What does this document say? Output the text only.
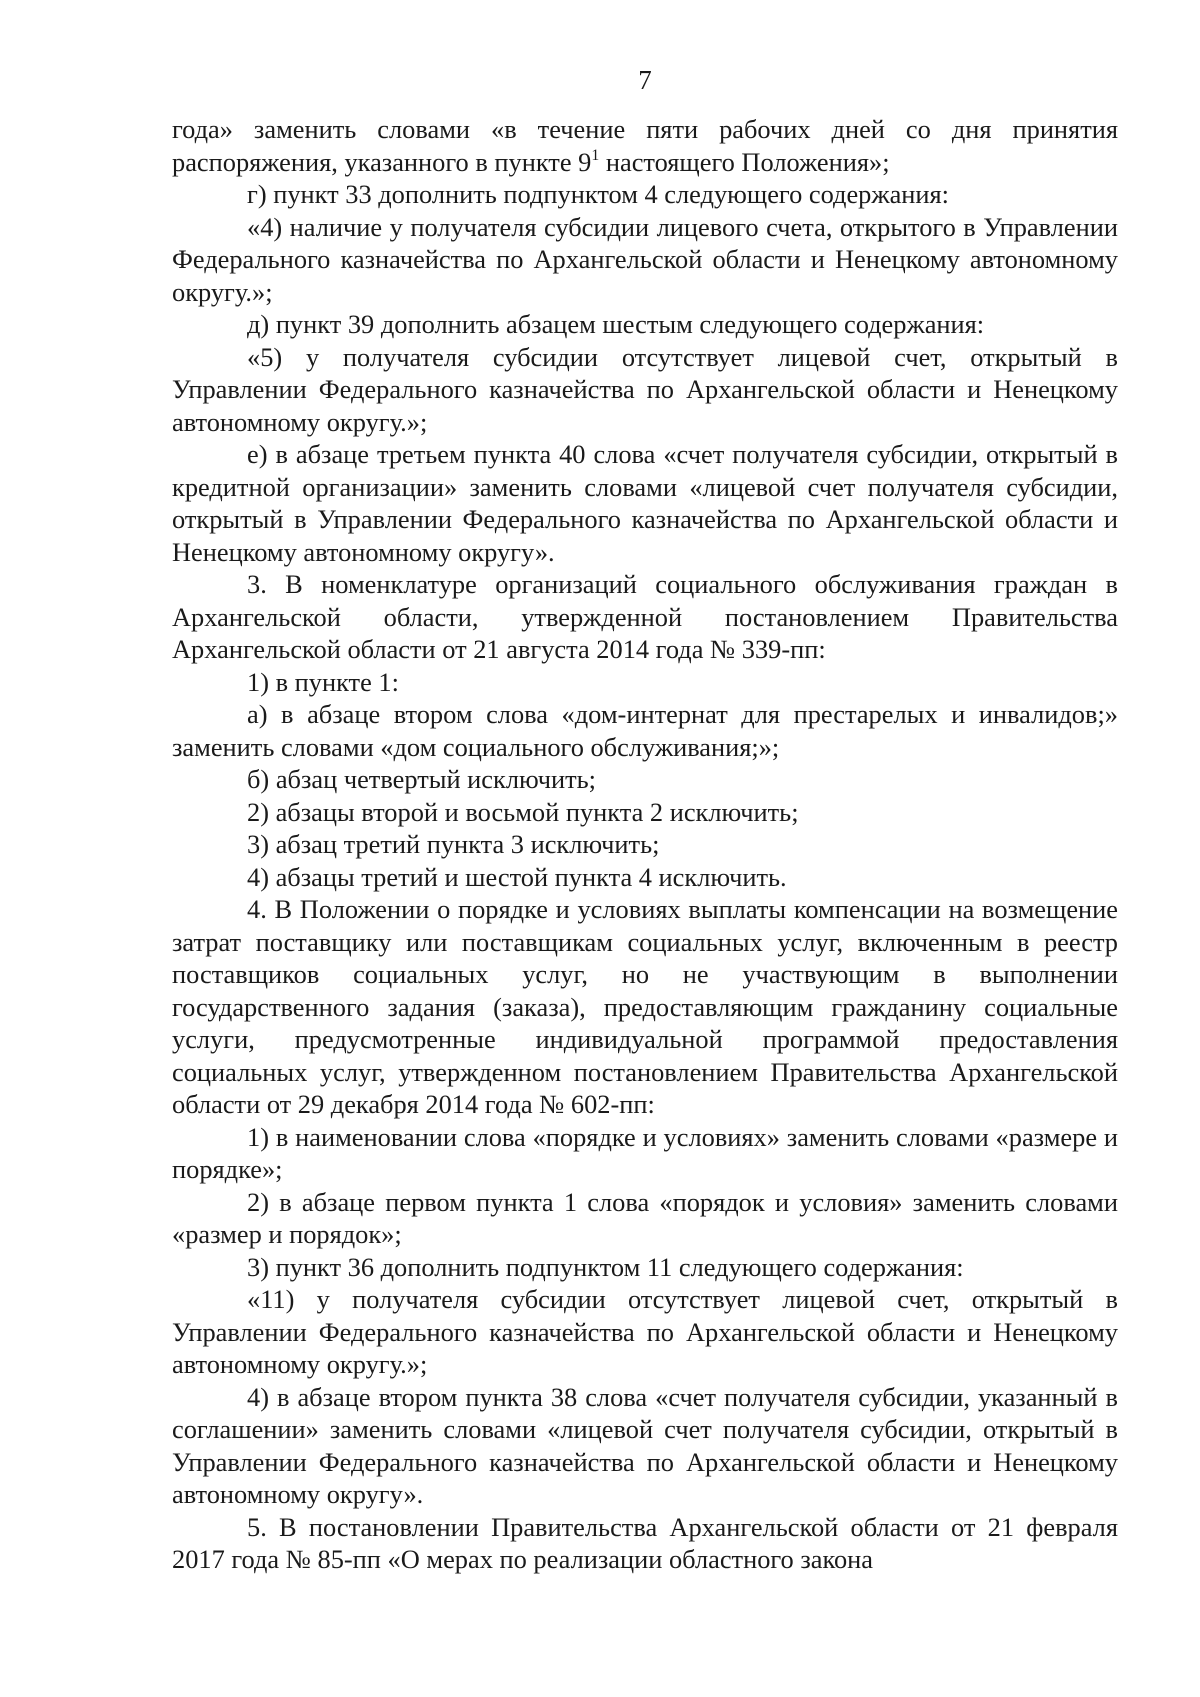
7

года» заменить словами «в течение пяти рабочих дней со дня принятия распоряжения, указанного в пункте $9^1$ настоящего Положения»;

г) пункт 33 дополнить подпунктом 4 следующего содержания:

«4) наличие у получателя субсидии лицевого счета, открытого в Управлении Федерального казначейства по Архангельской области и Ненецкому автономному округу.»;

д) пункт 39 дополнить абзацем шестым следующего содержания:

«5) у получателя субсидии отсутствует лицевой счет, открытый в Управлении Федерального казначейства по Архангельской области и Ненецкому автономному округу.»;

е) в абзаце третьем пункта 40 слова «счет получателя субсидии, открытый в кредитной организации» заменить словами «лицевой счет получателя субсидии, открытый в Управлении Федерального казначейства по Архангельской области и Ненецкому автономному округу».

3. В номенклатуре организаций социального обслуживания граждан в Архангельской области, утвержденной постановлением Правительства Архангельской области от 21 августа 2014 года № 339-пп:

1) в пункте 1:

а) в абзаце втором слова «дом-интернат для престарелых и инвалидов;» заменить словами «дом социального обслуживания;»;

б) абзац четвертый исключить;

2) абзацы второй и восьмой пункта 2 исключить;

3) абзац третий пункта 3 исключить;

4) абзацы третий и шестой пункта 4 исключить.

4. В Положении о порядке и условиях выплаты компенсации на возмещение затрат поставщику или поставщикам социальных услуг, включенным в реестр поставщиков социальных услуг, но не участвующим в выполнении государственного задания (заказа), предоставляющим гражданину социальные услуги, предусмотренные индивидуальной программой предоставления социальных услуг, утвержденном постановлением Правительства Архангельской области от 29 декабря 2014 года № 602-пп:

1) в наименовании слова «порядке и условиях» заменить словами «размере и порядке»;

2) в абзаце первом пункта 1 слова «порядок и условия» заменить словами «размер и порядок»;

3) пункт 36 дополнить подпунктом 11 следующего содержания:

«11) у получателя субсидии отсутствует лицевой счет, открытый в Управлении Федерального казначейства по Архангельской области и Ненецкому автономному округу.»;

4) в абзаце втором пункта 38 слова «счет получателя субсидии, указанный в соглашении» заменить словами «лицевой счет получателя субсидии, открытый в Управлении Федерального казначейства по Архангельской области и Ненецкому автономному округу».

5. В постановлении Правительства Архангельской области от 21 февраля 2017 года № 85-пп «О мерах по реализации областного закона
